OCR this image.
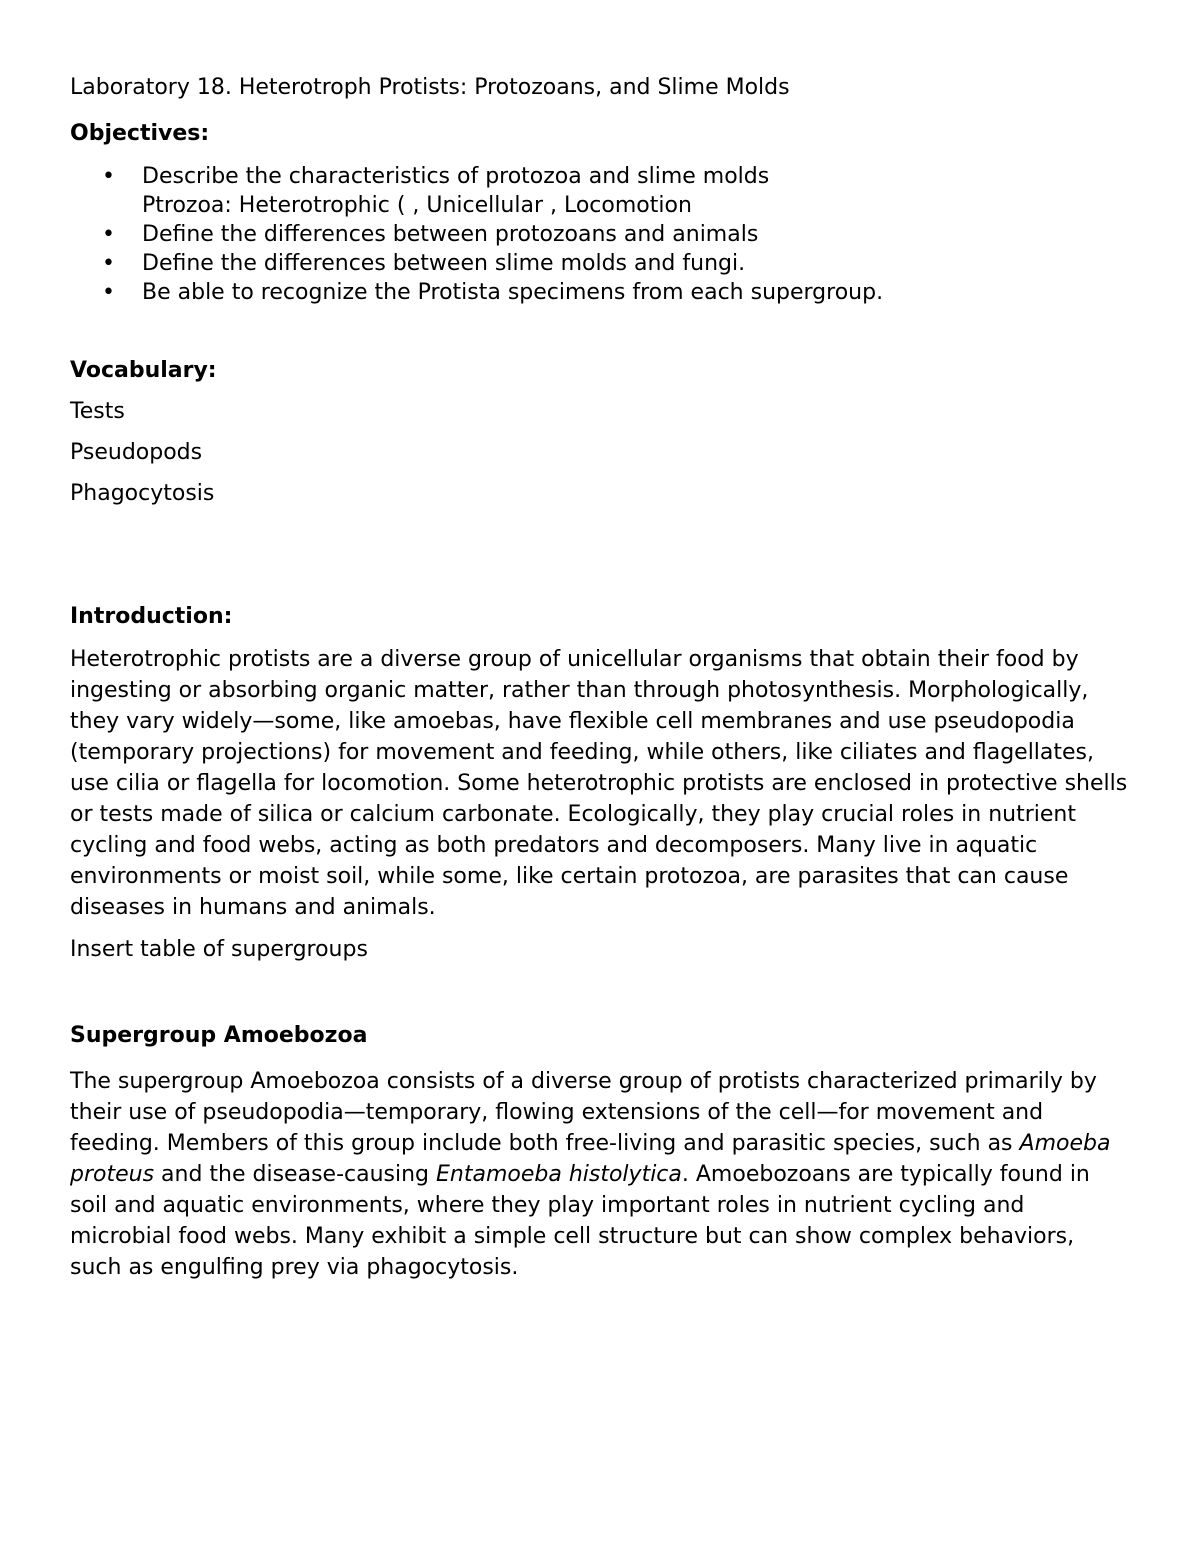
Laboratory 18. Heterotroph Protists: Protozoans, and Slime Molds

Objectives:

• Describe the characteristics of protozoa and slime molds
Ptrozoa: Heterotrophic ( , Unicellular , Locomotion
• Define the differences between protozoans and animals
• Define the differences between slime molds and fungi.
• Be able to recognize the Protista specimens from each supergroup.

Vocabulary:

Tests

Pseudopods

Phagocytosis

Introduction:

Heterotrophic protists are a diverse group of unicellular organisms that obtain their food by ingesting or absorbing organic matter, rather than through photosynthesis. Morphologically, they vary widely—some, like amoebas, have flexible cell membranes and use pseudopodia (temporary projections) for movement and feeding, while others, like ciliates and flagellates, use cilia or flagella for locomotion. Some heterotrophic protists are enclosed in protective shells or tests made of silica or calcium carbonate. Ecologically, they play crucial roles in nutrient cycling and food webs, acting as both predators and decomposers. Many live in aquatic environments or moist soil, while some, like certain protozoa, are parasites that can cause diseases in humans and animals.

Insert table of supergroups

Supergroup Amoebozoa

The supergroup Amoebozoa consists of a diverse group of protists characterized primarily by their use of pseudopodia—temporary, flowing extensions of the cell—for movement and feeding. Members of this group include both free-living and parasitic species, such as Amoeba proteus and the disease-causing Entamoeba histolytica. Amoebozoans are typically found in soil and aquatic environments, where they play important roles in nutrient cycling and microbial food webs. Many exhibit a simple cell structure but can show complex behaviors, such as engulfing prey via phagocytosis.
